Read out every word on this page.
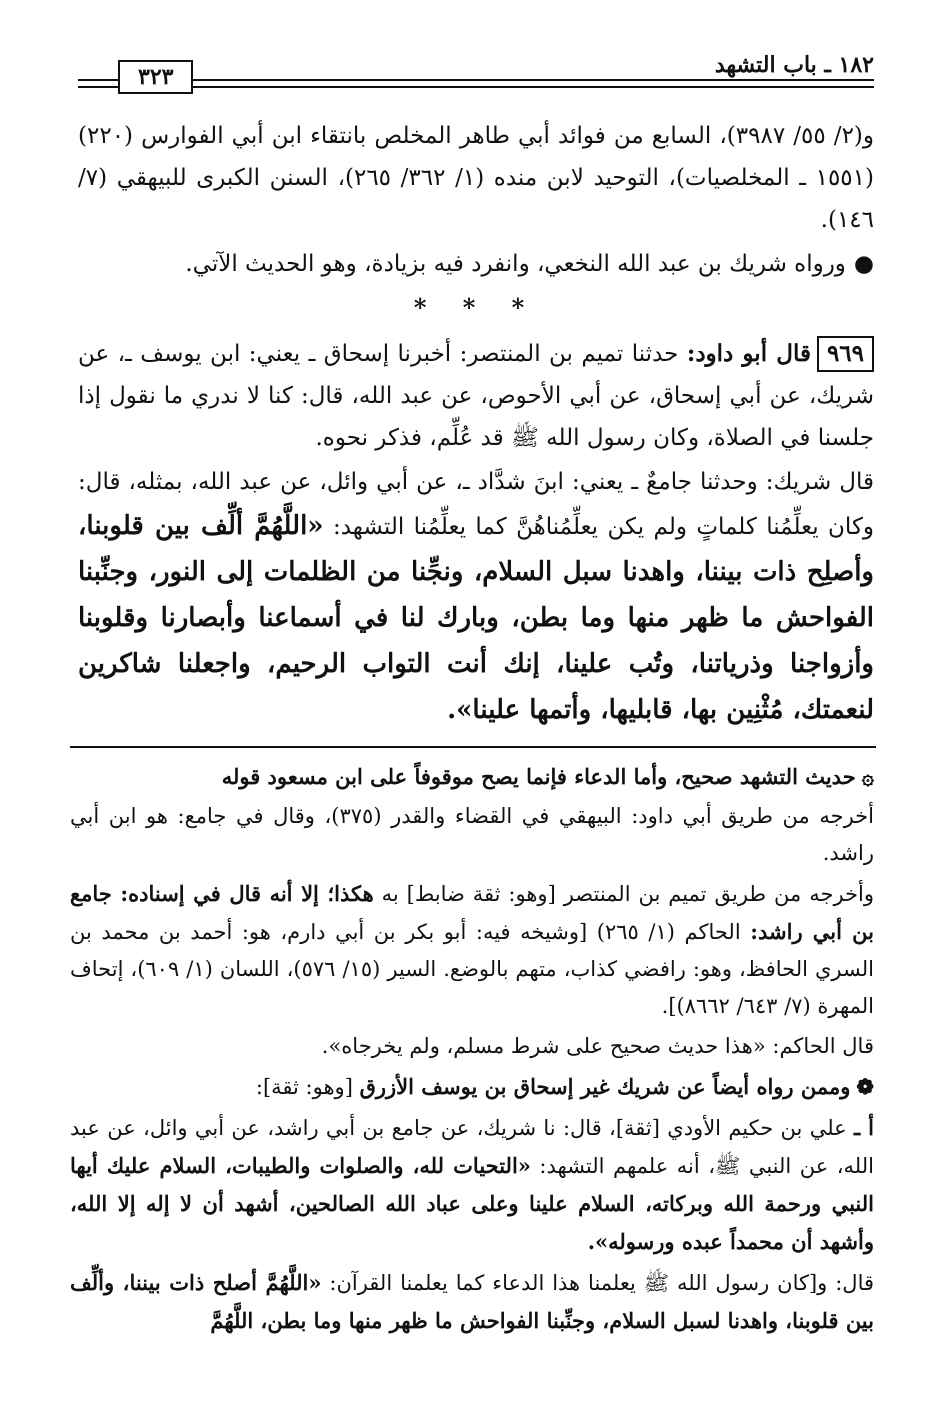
١٨٢ ـ باب التشهد
٣٢٣

و(٢/ ٥٥/ ٣٩٨٧)، السابع من فوائد أبي طاهر المخلص بانتقاء ابن أبي الفوارس (٢٢٠) (١٥٥١ ـ المخلصيات)، التوحيد لابن منده (١/ ٣٦٢/ ٢٦٥)، السنن الكبرى للبيهقي (٧/ ١٤٦).

●ورواه شريك بن عبد الله النخعي، وانفرد فيه بزيادة، وهو الحديث الآتي.

* * *

٩٦٩قال أبو داود: حدثنا تميم بن المنتصر: أخبرنا إسحاق ـ يعني: ابن يوسف ـ، عن شريك، عن أبي إسحاق، عن أبي الأحوص، عن عبد الله، قال: كنا لا ندري ما نقول إذا جلسنا في الصلاة، وكان رسول الله ﷺ قد عُلِّم، فذكر نحوه.

قال شريك: وحدثنا جامعٌ ـ يعني: ابنَ شدَّاد ـ، عن أبي وائل، عن عبد الله، بمثله، قال: وكان يعلِّمُنا كلماتٍ ولم يكن يعلِّمُناهُنَّ كما يعلِّمُنا التشهد: «اللَّهُمَّ ألِّف بين قلوبنا، وأصلِح ذات بيننا، واهدنا سبل السلام، ونجِّنا من الظلمات إلى النور، وجنِّبنا الفواحش ما ظهر منها وما بطن، وبارك لنا في أسماعنا وأبصارنا وقلوبنا وأزواجنا وذرياتنا، وتُب علينا، إنك أنت التواب الرحيم، واجعلنا شاكرين لنعمتك، مُثْنِين بها، قابليها، وأتمها علينا».

۞حديث التشهد صحيح، وأما الدعاء فإنما يصح موقوفاً على ابن مسعود قوله

أخرجه من طريق أبي داود: البيهقي في القضاء والقدر (٣٧٥)، وقال في جامع: هو ابن أبي راشد.

وأخرجه من طريق تميم بن المنتصر [وهو: ثقة ضابط] به هكذا؛ إلا أنه قال في إسناده: جامع بن أبي راشد: الحاكم (١/ ٢٦٥) [وشيخه فيه: أبو بكر بن أبي دارم، هو: أحمد بن محمد بن السري الحافظ، وهو: رافضي كذاب، متهم بالوضع. السير (١٥/ ٥٧٦)، اللسان (١/ ٦٠٩)، إتحاف المهرة (٧/ ٦٤٣/ ٨٦٦٢)].

قال الحاكم: «هذا حديث صحيح على شرط مسلم، ولم يخرجاه».

❁وممن رواه أيضاً عن شريك غير إسحاق بن يوسف الأزرق [وهو: ثقة]:

أ ـ علي بن حكيم الأودي [ثقة]، قال: نا شريك، عن جامع بن أبي راشد، عن أبي وائل، عن عبد الله، عن النبي ﷺ، أنه علمهم التشهد: «التحيات لله، والصلوات والطيبات، السلام عليك أيها النبي ورحمة الله وبركاته، السلام علينا وعلى عباد الله الصالحين، أشهد أن لا إله إلا الله، وأشهد أن محمداً عبده ورسوله».

قال: و[كان رسول الله ﷺ يعلمنا هذا الدعاء كما يعلمنا القرآن: «اللَّهُمَّ أصلح ذات بيننا، وألِّف بين قلوبنا، واهدنا لسبل السلام، وجنِّبنا الفواحش ما ظهر منها وما بطن، اللَّهُمَّ
